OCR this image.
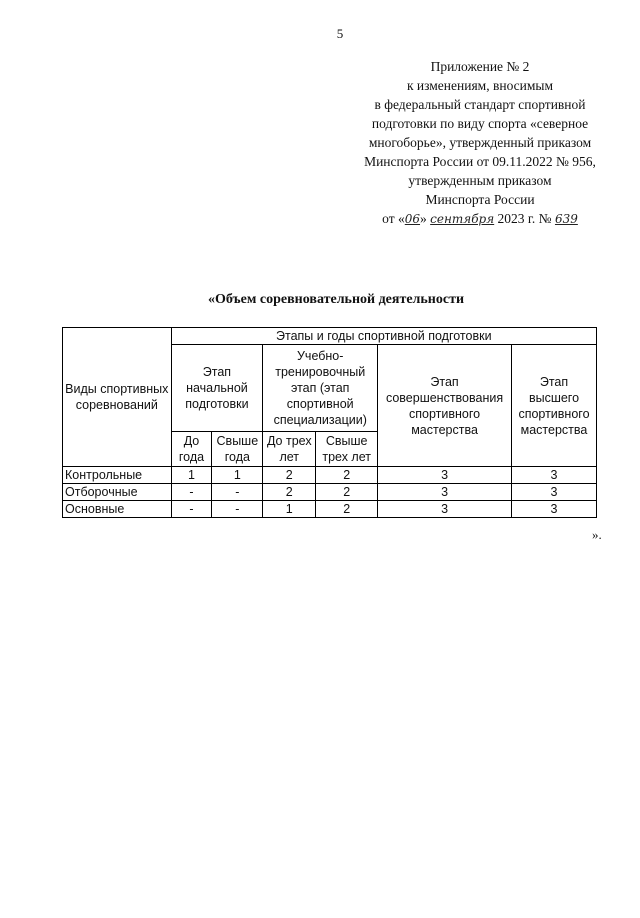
5
Приложение № 2
к изменениям, вносимым
в федеральный стандарт спортивной
подготовки по виду спорта «северное
многоборье», утвержденный приказом
Минспорта России от 09.11.2022 № 956,
утвержденным приказом
Минспорта России
от «06» сентября 2023 г. № 639
«Объем соревновательной деятельности
Виды спортивных соревнований	Этапы и годы спортивной подготовки					
	Этап начальной подготовки		Учебно-тренировочный этап (этап спортивной специализации)		Этап совершенствования спортивного мастерства	Этап высшего спортивного мастерства
	До года	Свыше года	До трех лет	Свыше трех лет		
Контрольные	1	1	2	2	3	3
Отборочные	-	-	2	2	3	3
Основные	-	-	1	2	3	3
».
